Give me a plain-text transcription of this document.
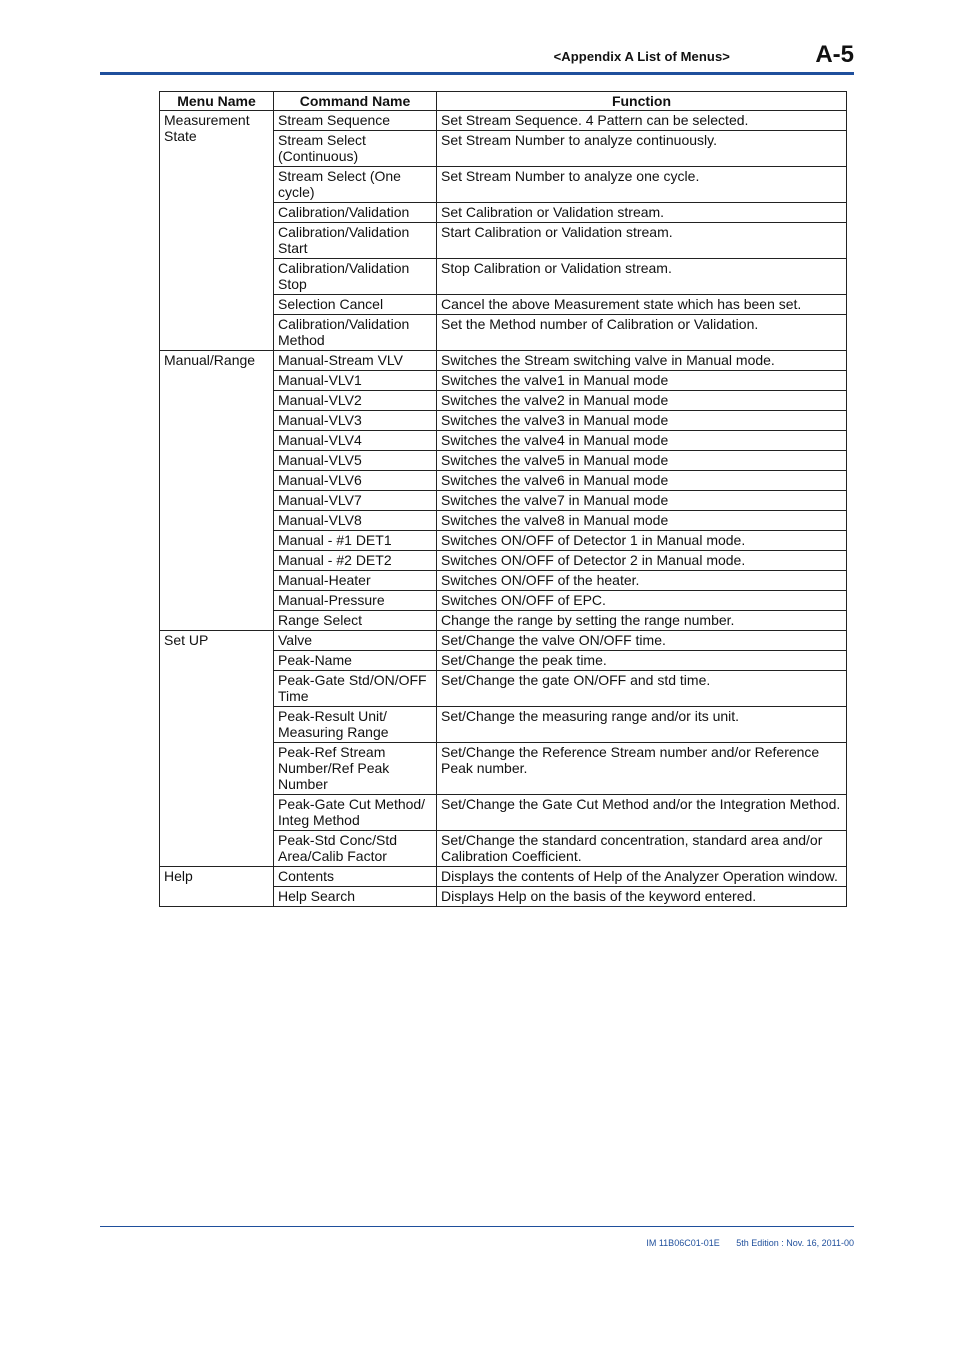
<Appendix A List of Menus>	A-5
Menu Name	Command Name	Function
Measurement State	Stream Sequence	Set Stream Sequence. 4 Pattern can be selected.
	Stream Select (Continuous)	Set Stream Number to analyze continuously.
	Stream Select (One cycle)	Set Stream Number to analyze one cycle.
	Calibration/Validation	Set Calibration or Validation stream.
	Calibration/Validation Start	Start Calibration or Validation stream.
	Calibration/Validation Stop	Stop Calibration or Validation stream.
	Selection Cancel	Cancel the above Measurement state which has been set.
	Calibration/Validation Method	Set the Method number of Calibration or Validation.
Manual/Range	Manual-Stream VLV	Switches the Stream switching valve in Manual mode.
	Manual-VLV1	Switches the valve1 in Manual mode
	Manual-VLV2	Switches the valve2 in Manual mode
	Manual-VLV3	Switches the valve3 in Manual mode
	Manual-VLV4	Switches the valve4 in Manual mode
	Manual-VLV5	Switches the valve5 in Manual mode
	Manual-VLV6	Switches the valve6 in Manual mode
	Manual-VLV7	Switches the valve7 in Manual mode
	Manual-VLV8	Switches the valve8 in Manual mode
	Manual - #1 DET1	Switches ON/OFF of Detector 1 in Manual mode.
	Manual - #2 DET2	Switches ON/OFF of Detector 2 in Manual mode.
	Manual-Heater	Switches ON/OFF of the heater.
	Manual-Pressure	Switches ON/OFF of EPC.
	Range Select	Change the range by setting the range number.
Set UP	Valve	Set/Change the valve ON/OFF time.
	Peak-Name	Set/Change the peak time.
	Peak-Gate Std/ON/OFF Time	Set/Change the gate ON/OFF and std time.
	Peak-Result Unit/ Measuring Range	Set/Change the measuring range and/or its unit.
	Peak-Ref Stream Number/Ref Peak Number	Set/Change the Reference Stream number and/or Reference Peak number.
	Peak-Gate Cut Method/ Integ Method	Set/Change the Gate Cut Method and/or the Integration Method.
	Peak-Std Conc/Std Area/Calib Factor	Set/Change the standard concentration, standard area and/or Calibration Coefficient.
Help	Contents	Displays the contents of Help of the Analyzer Operation window.
	Help Search	Displays Help on the basis of the keyword entered.
IM 11B06C01-01E 5th Edition : Nov. 16, 2011-00
